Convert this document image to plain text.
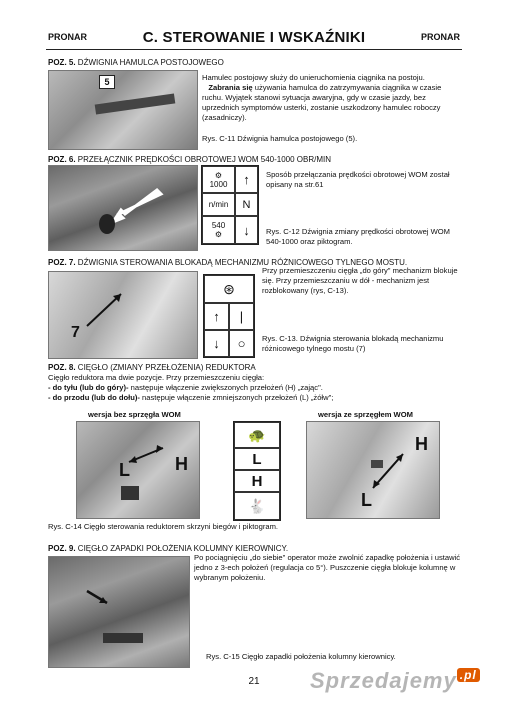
PRONAR	C. STEROWANIE I WSKAŹNIKI	PRONAR
POZ. 5. DŹWIGNIA HAMULCA POSTOJOWEGO
5	Hamulec postojowy służy do unieruchomienia ciągnika na postoju.
Zabrania się używania hamulca do zatrzymywania ciągnika w czasie ruchu. Wyjątek stanowi sytuacja awaryjna, gdy w czasie jazdy, bez uprzednich symptomów usterki, zostanie uszkodzony hamulec roboczy (zasadniczy).
Rys. C-11 Dźwignia hamulca postojowego (5).
POZ. 6. PRZEŁĄCZNIK PRĘDKOŚCI OBROTOWEJ WOM 540-1000 OBR/MIN
⚙
1000	↑
n/min	N
540
⚙	↓
Sposób przełączania prędkości obrotowej WOM został opisany na str.61
Rys. C-12 Dźwignia zmiany prędkości obrotowej WOM 540-1000 oraz piktogram.
POZ. 7. DŹWIGNIA STEROWANIA BLOKADĄ MECHANIZMU RÓŻNICOWEGO TYLNEGO MOSTU.
7
⊛
↑	|
↓	○
Przy przemieszczeniu cięgła „do góry" mechanizm blokuje się. Przy przemieszczaniu w dół - mechanizm jest rozblokowany (rys, C-13).
Rys. C-13. Dźwignia sterowania blokadą mechanizmu różnicowego tylnego mostu (7)
POZ. 8. CIĘGŁO (ZMIANY PRZEŁOŻENIA) REDUKTORA
Cięgło reduktora ma dwie pozycje. Przy przemieszczeniu cięgła:
- do tyłu (lub do góry)- następuje włączenie zwiększonych przełożeń (H) „zając".
- do przodu (lub do dołu)- następuje włączenie zmniejszonych przełożeń (L) „żółw";
wersja bez sprzęgła WOM	wersja ze sprzęgłem WOM
L	H
🐢
L
H
🐇
H
L
Rys. C-14 Cięgło sterowania reduktorem skrzyni biegów i piktogram.
POZ. 9. CIĘGŁO ZAPADKI POŁOŻENIA KOLUMNY KIEROWNICY.
Po pociągnięciu „do siebie" operator może zwolnić zapadkę położenia i ustawić jedno z 3-ech położeń (regulacja co 5°). Puszczenie cięgła blokuje kolumnę w wybranym położeniu.
Rys. C-15 Cięgło zapadki położenia kolumny kierownicy.
21	Sprzedajemy $^{.pl}$
